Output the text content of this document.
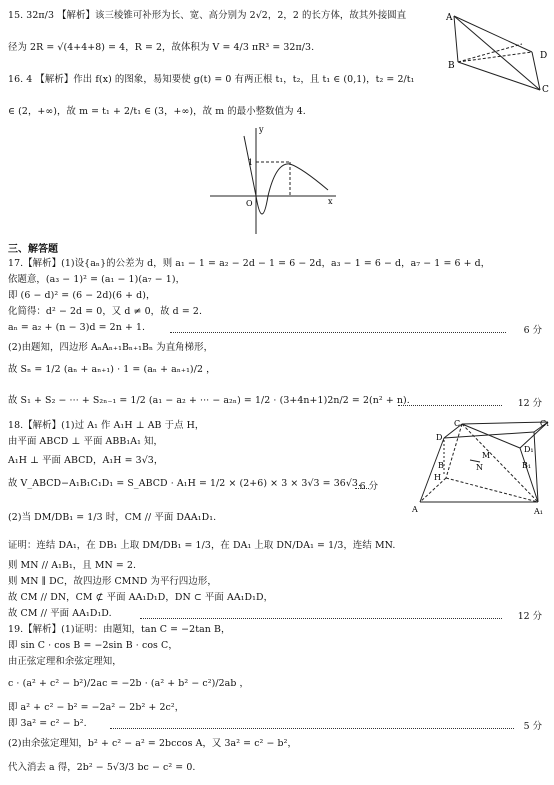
15. 32π/3 【解析】该三棱锥可补形为长、宽、高分别为 2√2，2，2 的长方体，故其外接圆直
径为 2R = √(4+4+8) = 4，R = 2，故体积为 V = 4/3 πR³ = 32π/3.
16. 4 【解析】作出 f(x) 的图象，易知要使 g(t) = 0 有两正根 t₁，t₂，且 t₁ ∈ (0,1)，t₂ = 2/t₁
∈ (2，+∞)，故 m = t₁ + 2/t₁ ∈ (3，+∞)，故 m 的最小整数值为 4.
A
B
D
C
y
x
O
1
三、解答题
17.【解析】(1)设{aₙ}的公差为 d，则 a₁ − 1 = a₂ − 2d − 1 = 6 − 2d，a₃ − 1 = 6 − d，a₇ − 1 = 6 + d，
依题意，(a₃ − 1)² = (a₁ − 1)(a₇ − 1)，
即 (6 − d)² = (6 − 2d)(6 + d)，
化简得：d² − 2d = 0，又 d ≠ 0，故 d = 2.
aₙ = a₂ + (n − 3)d = 2n + 1.	6 分
(2)由题知，四边形 AₙAₙ₊₁Bₙ₊₁Bₙ 为直角梯形，
故 Sₙ = 1/2 (aₙ + aₙ₊₁) · 1 = (aₙ + aₙ₊₁)/2 ，
故 S₁ + S₂ − ··· + S₂ₙ₋₁ = 1/2 (a₁ − a₂ + ··· − a₂ₙ) = 1/2 · (3+4n+1)2n/2 = 2(n² + n).	12 分
18.【解析】(1)过 A₁ 作 A₁H ⊥ AB 于点 H，
由平面 ABCD ⊥ 平面 ABB₁A₁ 知，
A₁H ⊥ 平面 ABCD，A₁H = 3√3，
故 V_ABCD−A₁B₁C₁D₁ = S_ABCD · A₁H = 1/2 × (2+6) × 3 × 3√3 = 36√3.
6 分
C	C₁
D
D₁
B	B₁
M
N
H
A	A₁
(2)当 DM/DB₁ = 1/3 时，CM // 平面 DAA₁D₁.
证明：连结 DA₁，在 DB₁ 上取 DM/DB₁ = 1/3，在 DA₁ 上取 DN/DA₁ = 1/3，连结 MN.
则 MN // A₁B₁，且 MN = 2.
则 MN ∥ DC，故四边形 CMND 为平行四边形，
故 CM // DN，CM ⊄ 平面 AA₁D₁D，DN ⊂ 平面 AA₁D₁D，
故 CM // 平面 AA₁D₁D.	12 分
19.【解析】(1)证明：由题知，tan C = −2tan B，
即 sin C · cos B = −2sin B · cos C，
由正弦定理和余弦定理知，
c · (a² + c² − b²)/2ac = −2b · (a² + b² − c²)/2ab ，
即 a² + c² − b² = −2a² − 2b² + 2c²，
即 3a² = c² − b².	5 分
(2)由余弦定理知，b² + c² − a² = 2bccos A，又 3a² = c² − b²，
代入消去 a 得，2b² − 5√3/3 bc − c² = 0.
